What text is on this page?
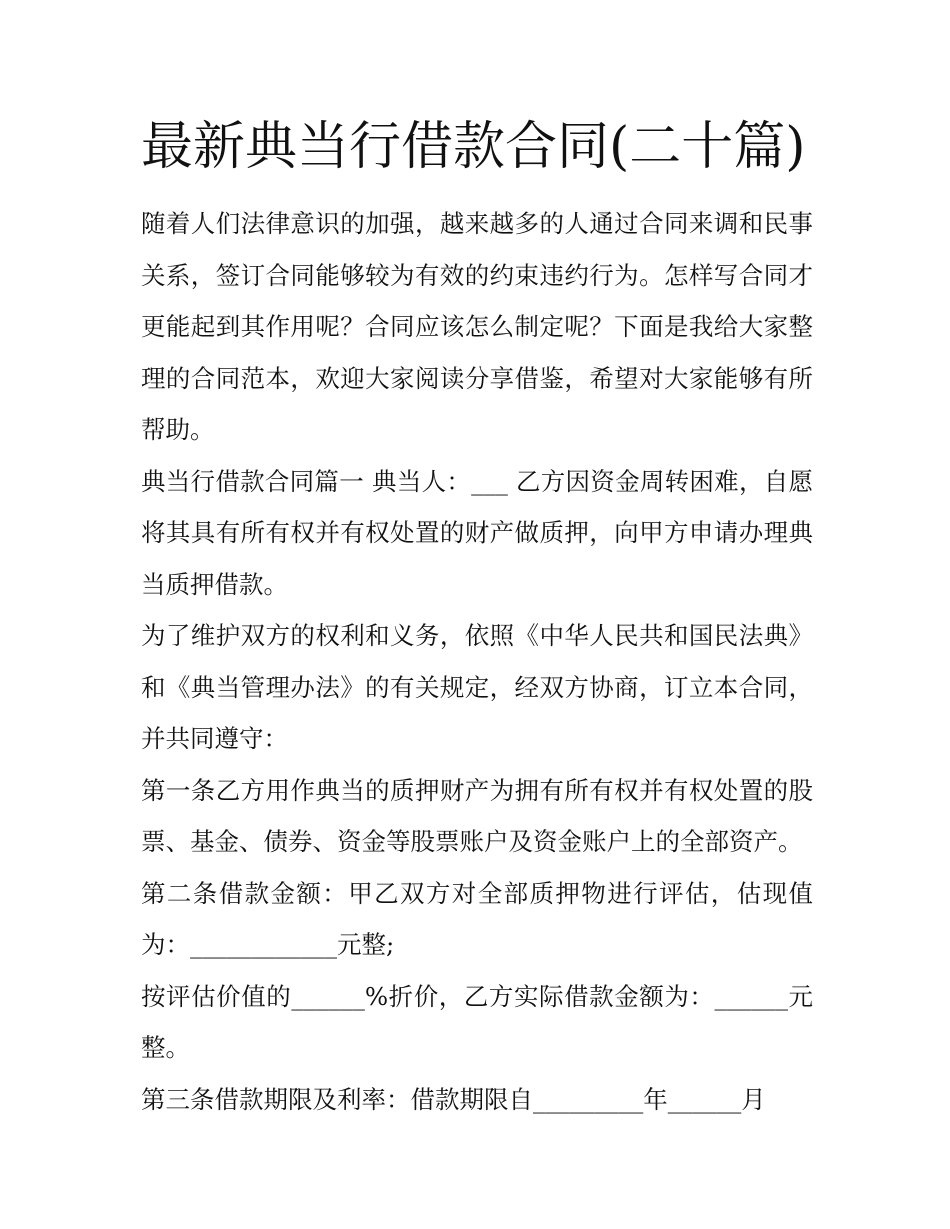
最新典当行借款合同(二十篇)

随着人们法律意识的加强，越来越多的人通过合同来调和民事关系，签订合同能够较为有效的约束违约行为。怎样写合同才更能起到其作用呢？合同应该怎么制定呢？下面是我给大家整理的合同范本，欢迎大家阅读分享借鉴，希望对大家能够有所帮助。

典当行借款合同篇一 典当人：___ 乙方因资金周转困难，自愿将其具有所有权并有权处置的财产做质押，向甲方申请办理典当质押借款。

为了维护双方的权利和义务，依照《中华人民共和国民法典》和《典当管理办法》的有关规定，经双方协商，订立本合同，并共同遵守：

第一条乙方用作典当的质押财产为拥有所有权并有权处置的股票、基金、债券、资金等股票账户及资金账户上的全部资产。

第二条借款金额：甲乙双方对全部质押物进行评估，估现值为：____________元整;

按评估价值的______%折价，乙方实际借款金额为：______元整。

第三条借款期限及利率：借款期限自_________年______月
